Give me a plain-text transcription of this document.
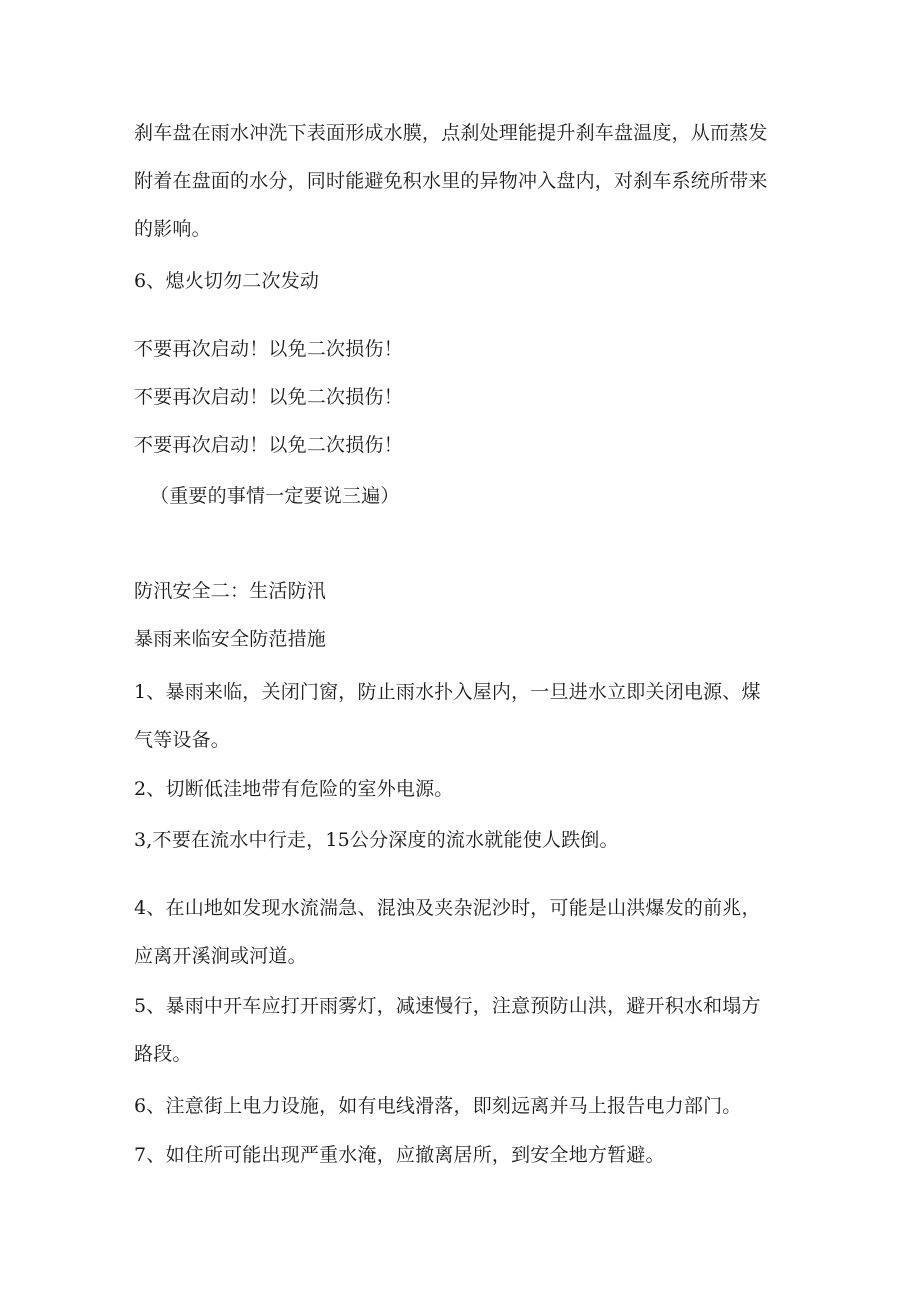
刹车盘在雨水冲洗下表面形成水膜，点刹处理能提升刹车盘温度，从而蒸发
附着在盘面的水分，同时能避免积水里的异物冲入盘内，对刹车系统所带来
的影响。
6、熄火切勿二次发动
不要再次启动！以免二次损伤！
不要再次启动！以免二次损伤！
不要再次启动！以免二次损伤！
（重要的事情一定要说三遍）
防汛安全二：生活防汛
暴雨来临安全防范措施
1、暴雨来临，关闭门窗，防止雨水扑入屋内，一旦进水立即关闭电源、煤
气等设备。
2、切断低洼地带有危险的室外电源。
3,不要在流水中行走，15公分深度的流水就能使人跌倒。
4、在山地如发现水流湍急、混浊及夹杂泥沙时，可能是山洪爆发的前兆，
应离开溪涧或河道。
5、暴雨中开车应打开雨雾灯，减速慢行，注意预防山洪，避开积水和塌方
路段。
6、注意街上电力设施，如有电线滑落，即刻远离并马上报告电力部门。
7、如住所可能出现严重水淹，应撤离居所，到安全地方暂避。
